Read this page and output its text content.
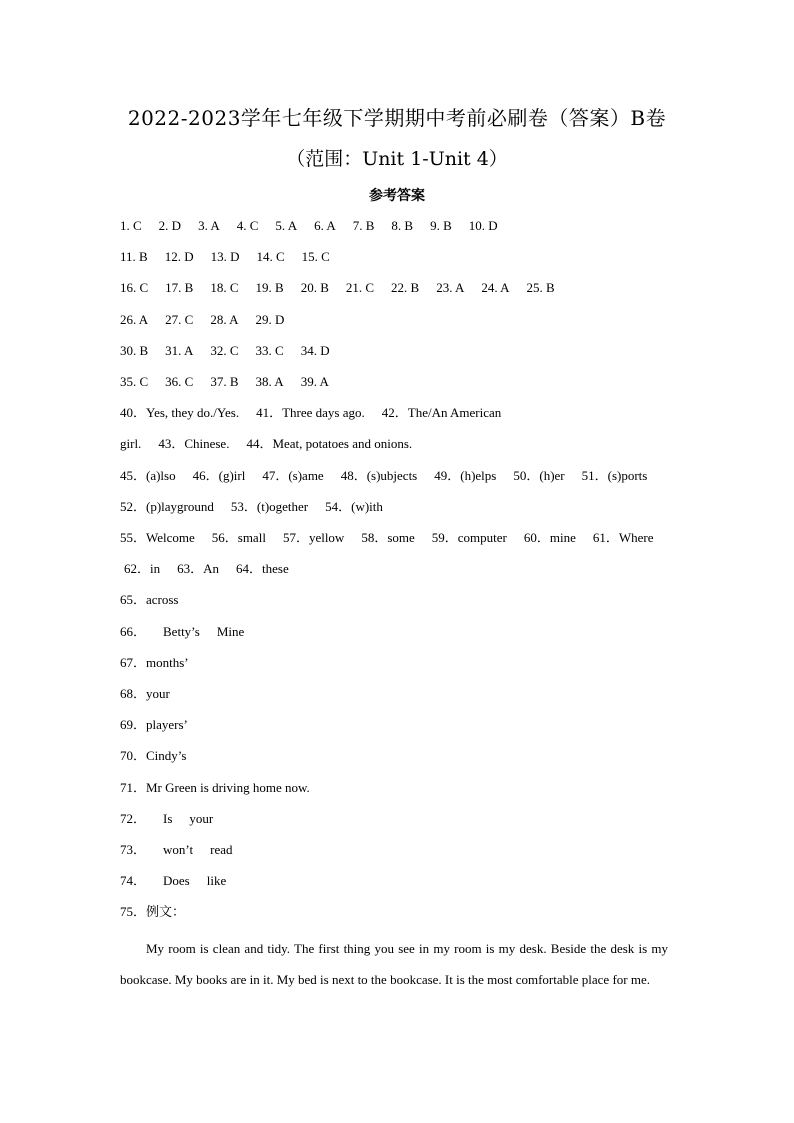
2022-2023学年七年级下学期期中考前必刷卷（答案）B卷
（范围：Unit 1-Unit 4）
参考答案
1. C 2. D 3. A 4. C 5. A 6. A 7. B 8. B 9. B 10. D
11. B 12. D 13. D 14. C 15. C
16. C 17. B 18. C 19. B 20. B 21. C 22. B 23. A 24. A 25. B
26. A 27. C 28. A 29. D
30. B 31. A 32. C 33. C 34. D
35. C 36. C 37. B 38. A 39. A
40．Yes, they do./Yes. 41．Three days ago. 42．The/An American
girl. 43．Chinese. 44．Meat, potatoes and onions.
45．(a)lso 46．(g)irl 47．(s)ame 48．(s)ubjects 49．(h)elps 50．(h)er 51．(s)ports
52．(p)layground 53．(t)ogether 54．(w)ith
55．Welcome 56．small 57．yellow 58．some 59．computer 60．mine 61．Where
62．in 63．An 64．these
65．across
66． Betty’s Mine
67．months’
68．your
69．players’
70．Cindy’s
71．Mr Green is driving home now.
72． Is your
73． won’t read
74． Does like
75．例文：
My room is clean and tidy. The first thing you see in my room is my desk. Beside the desk is my bookcase. My books are in it. My bed is next to the bookcase. It is the most comfortable place for me.
